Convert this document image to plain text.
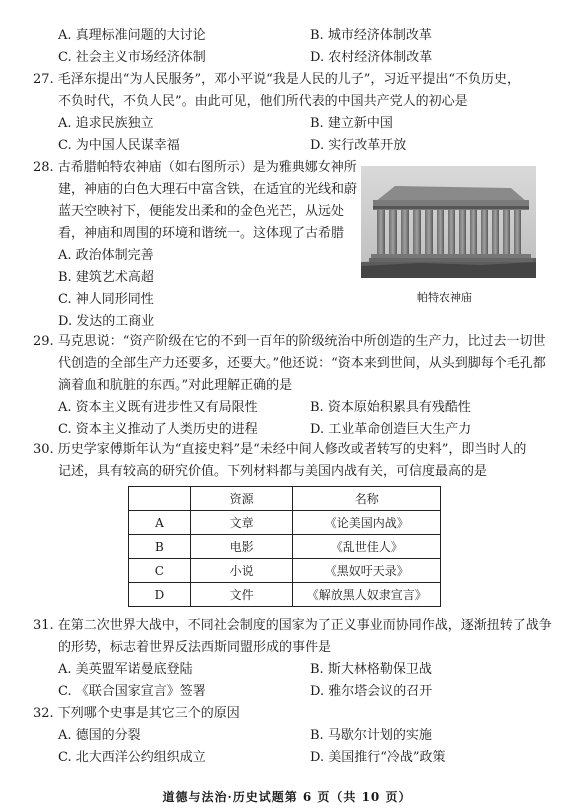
A. 真理标准问题的大讨论	B. 城市经济体制改革
C. 社会主义市场经济体制	D. 农村经济体制改革
27. 毛泽东提出“为人民服务”，邓小平说“我是人民的儿子”，习近平提出“不负历史，
不负时代，不负人民”。由此可见，他们所代表的中国共产党人的初心是
A. 追求民族独立	B. 建立新中国
C. 为中国人民谋幸福	D. 实行改革开放
28. 古希腊帕特农神庙（如右图所示）是为雅典娜女神所
建，神庙的白色大理石中富含铁，在适宜的光线和蔚
蓝天空映衬下，便能发出柔和的金色光芒，从远处
看，神庙和周围的环境和谐统一。这体现了古希腊
A. 政治体制完善
B. 建筑艺术高超
C. 神人同形同性
D. 发达的工商业
帕特农神庙
29. 马克思说：“资产阶级在它的不到一百年的阶级统治中所创造的生产力，比过去一切世
代创造的全部生产力还要多，还要大。”他还说：“资本来到世间，从头到脚每个毛孔都
滴着血和肮脏的东西。”对此理解正确的是
A. 资本主义既有进步性又有局限性	B. 资本原始积累具有残酷性
C. 资本主义推动了人类历史的进程	D. 工业革命创造巨大生产力
30. 历史学家傅斯年认为“直接史料”是“未经中间人修改或者转写的史料”，即当时人的
记述，具有较高的研究价值。下列材料都与美国内战有关，可信度最高的是
	资源	名称
A	文章	《论美国内战》
B	电影	《乱世佳人》
C	小说	《黑奴吁天录》
D	文件	《解放黑人奴隶宣言》
31. 在第二次世界大战中，不同社会制度的国家为了正义事业而协同作战，逐渐扭转了战争
的形势，标志着世界反法西斯同盟形成的事件是
A. 美英盟军诺曼底登陆	B. 斯大林格勒保卫战
C. 《联合国家宣言》签署	D. 雅尔塔会议的召开
32. 下列哪个史事是其它三个的原因
A. 德国的分裂	B. 马歇尔计划的实施
C. 北大西洋公约组织成立	D. 美国推行“冷战”政策
道德与法治·历史试题第 6 页（共 10 页）
